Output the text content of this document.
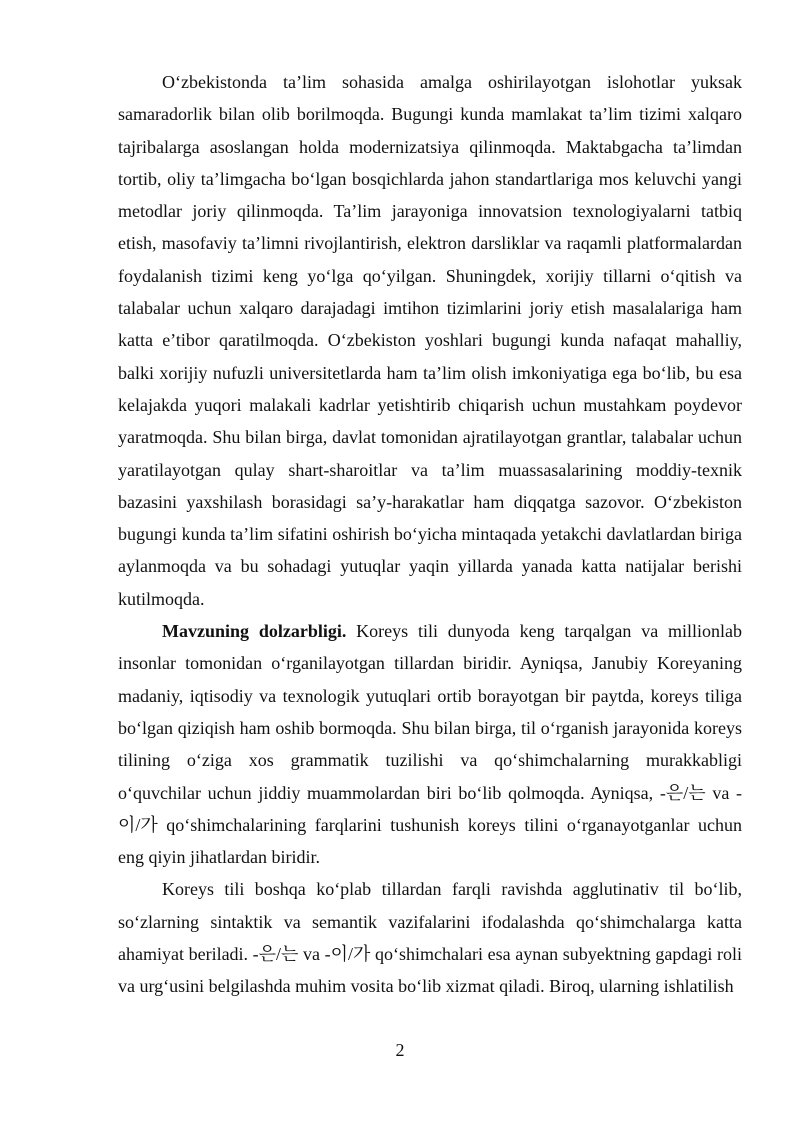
O‘zbekistonda ta’lim sohasida amalga oshirilayotgan islohotlar yuksak samaradorlik bilan olib borilmoqda. Bugungi kunda mamlakat ta’lim tizimi xalqaro tajribalarga asoslangan holda modernizatsiya qilinmoqda. Maktabgacha ta’limdan tortib, oliy ta’limgacha bo‘lgan bosqichlarda jahon standartlariga mos keluvchi yangi metodlar joriy qilinmoqda. Ta’lim jarayoniga innovatsion texnologiyalarni tatbiq etish, masofaviy ta’limni rivojlantirish, elektron darsliklar va raqamli platformalardan foydalanish tizimi keng yo‘lga qo‘yilgan. Shuningdek, xorijiy tillarni o‘qitish va talabalar uchun xalqaro darajadagi imtihon tizimlarini joriy etish masalalariga ham katta e’tibor qaratilmoqda. O‘zbekiston yoshlari bugungi kunda nafaqat mahalliy, balki xorijiy nufuzli universitetlarda ham ta’lim olish imkoniyatiga ega bo‘lib, bu esa kelajakda yuqori malakali kadrlar yetishtirib chiqarish uchun mustahkam poydevor yaratmoqda. Shu bilan birga, davlat tomonidan ajratilayotgan grantlar, talabalar uchun yaratilayotgan qulay shart-sharoitlar va ta’lim muassasalarining moddiy-texnik bazasini yaxshilash borasidagi sa’y-harakatlar ham diqqatga sazovor. O‘zbekiston bugungi kunda ta’lim sifatini oshirish bo‘yicha mintaqada yetakchi davlatlardan biriga aylanmoqda va bu sohadagi yutuqlar yaqin yillarda yanada katta natijalar berishi kutilmoqda.

Mavzuning dolzarbligi. Koreys tili dunyoda keng tarqalgan va millionlab insonlar tomonidan o‘rganilayotgan tillardan biridir. Ayniqsa, Janubiy Koreyaning madaniy, iqtisodiy va texnologik yutuqlari ortib borayotgan bir paytda, koreys tiliga bo‘lgan qiziqish ham oshib bormoqda. Shu bilan birga, til o‘rganish jarayonida koreys tilining o‘ziga xos grammatik tuzilishi va qo‘shimchalarning murakkabligi o‘quvchilar uchun jiddiy muammolardan biri bo‘lib qolmoqda. Ayniqsa, -은/는 va -이/가 qo‘shimchalarining farqlarini tushunish koreys tilini o‘rganayotganlar uchun eng qiyin jihatlardan biridir.

Koreys tili boshqa ko‘plab tillardan farqli ravishda agglutinativ til bo‘lib, so‘zlarning sintaktik va semantik vazifalarini ifodalashda qo‘shimchalarga katta ahamiyat beriladi. -은/는 va -이/가 qo‘shimchalari esa aynan subyektning gapdagi roli va urg‘usini belgilashda muhim vosita bo‘lib xizmat qiladi. Biroq, ularning ishlatilish

2
